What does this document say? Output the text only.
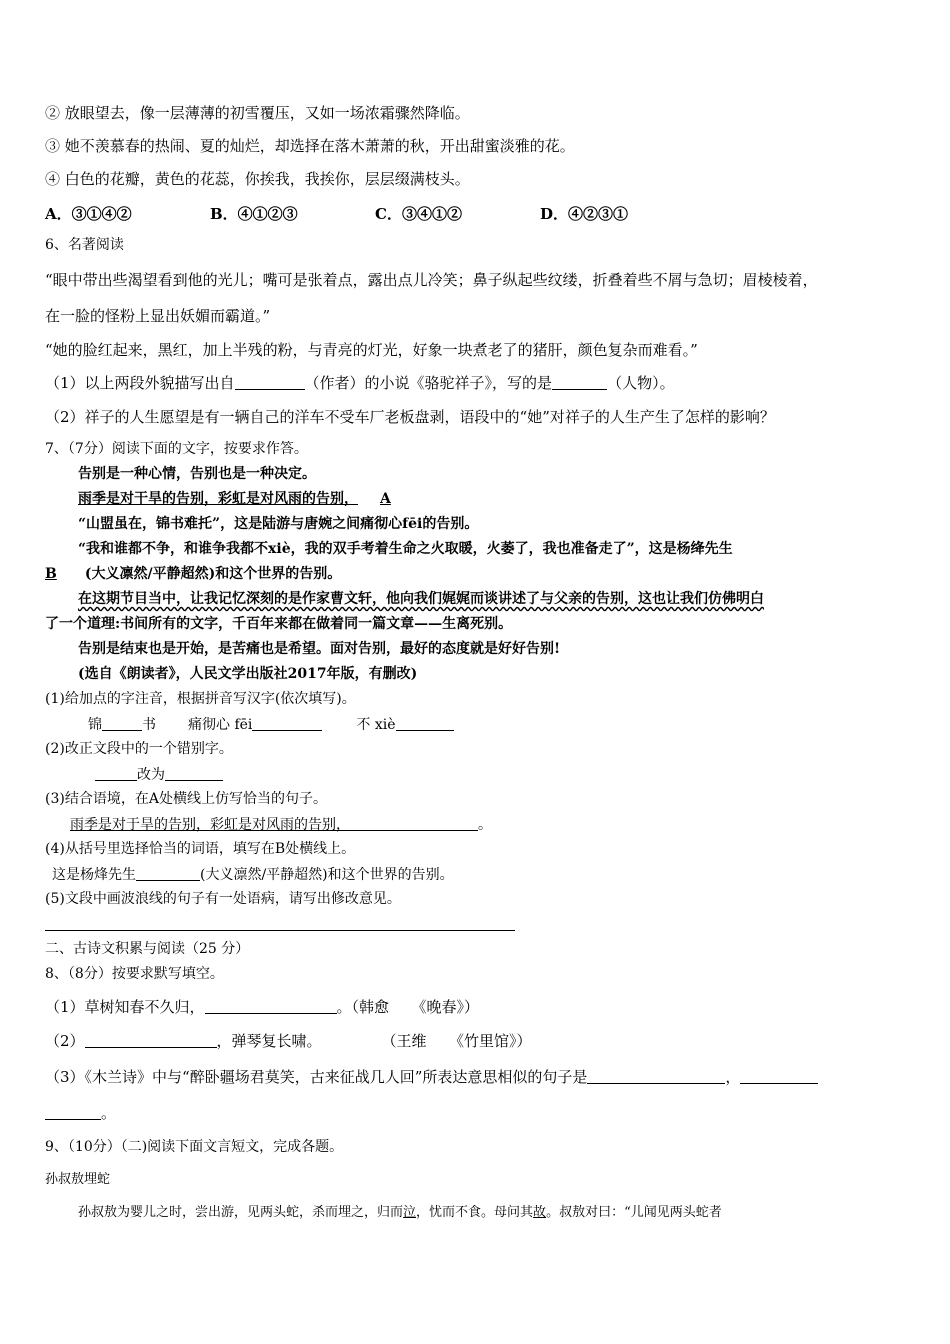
② 放眼望去，像一层薄薄的初雪覆压，又如一场浓霜骤然降临。
③ 她不羡慕春的热闹、夏的灿烂，却选择在落木萧萧的秋，开出甜蜜淡雅的花。
④ 白色的花瓣，黄色的花蕊，你挨我，我挨你，层层缀满枝头。
A．③①④②	B．④①②③	C．③④①②	D．④②③①
6、名著阅读
“眼中带出些渴望看到他的光儿；嘴可是张着点，露出点儿冷笑；鼻子纵起些纹缕，折叠着些不屑与急切；眉棱棱着，
在一脸的怪粉上显出妖媚而霸道。”
“她的脸红起来，黑红，加上半残的粉，与青亮的灯光，好象一块煮老了的猪肝，颜色复杂而难看。”
（1）以上两段外貌描写出自	（作者）的小说《骆驼祥子》，写的是	（人物）。
（2）祥子的人生愿望是有一辆自己的洋车不受车厂老板盘剥，语段中的“她”对祥子的人生产生了怎样的影响？
7、（7分）阅读下面的文字，按要求作答。
告别是一种心情，告别也是一种决定。
雨季是对干旱的告别，彩虹是对风雨的告别， A
“山盟虽在，锦书难托”，这是陆游与唐婉之间痛彻心fēi的告别。
“我和谁都不争，和谁争我都不xiè，我的双手考着生命之火取暖，火萎了，我也准备走了”，这是杨绛先生
B (大义凛然/平静超然)和这个世界的告别。
在这期节目当中，让我记忆深刻的是作家曹文轩，他向我们娓娓而谈讲述了与父亲的告别，这也让我们仿佛明白
了一个道理:书间所有的文字，千百年来都在做着同一篇文章——生离死别。
告别是结束也是开始，是苦痛也是希望。面对告别，最好的态度就是好好告别!
(选自《朗读者》，人民文学出版社2017年版，有删改)
(1)给加点的字注音，根据拼音写汉字(依次填写)。
锦	书 痛彻心 fēi	不 xiè
(2)改正文段中的一个错别字。
改为
(3)结合语境，在A处横线上仿写恰当的句子。
雨季是对于旱的告别，彩虹是对风雨的告别，	。
(4)从括号里选择恰当的词语，填写在B处横线上。
这是杨烽先生	(大义凛然/平静超然)和这个世界的告别。
(5)文段中画波浪线的句子有一处语病，请写出修改意见。
二、古诗文积累与阅读（25 分）
8、（8分）按要求默写填空。
（1）草树知春不久归，	。（韩愈　　《晚春》）
（2）	，弹琴复长啸。　　　　　（王维　　《竹里馆》）
（3）《木兰诗》中与“醉卧疆场君莫笑，古来征战几人回”所表达意思相似的句子是	，
。
9、（10分）（二)阅读下面文言短文，完成各题。
孙叔敖埋蛇
孙叔敖为婴儿之时，尝出游，见两头蛇，杀而埋之，归而泣，忧而不食。母问其故。叔敖对曰：“儿闻见两头蛇者
